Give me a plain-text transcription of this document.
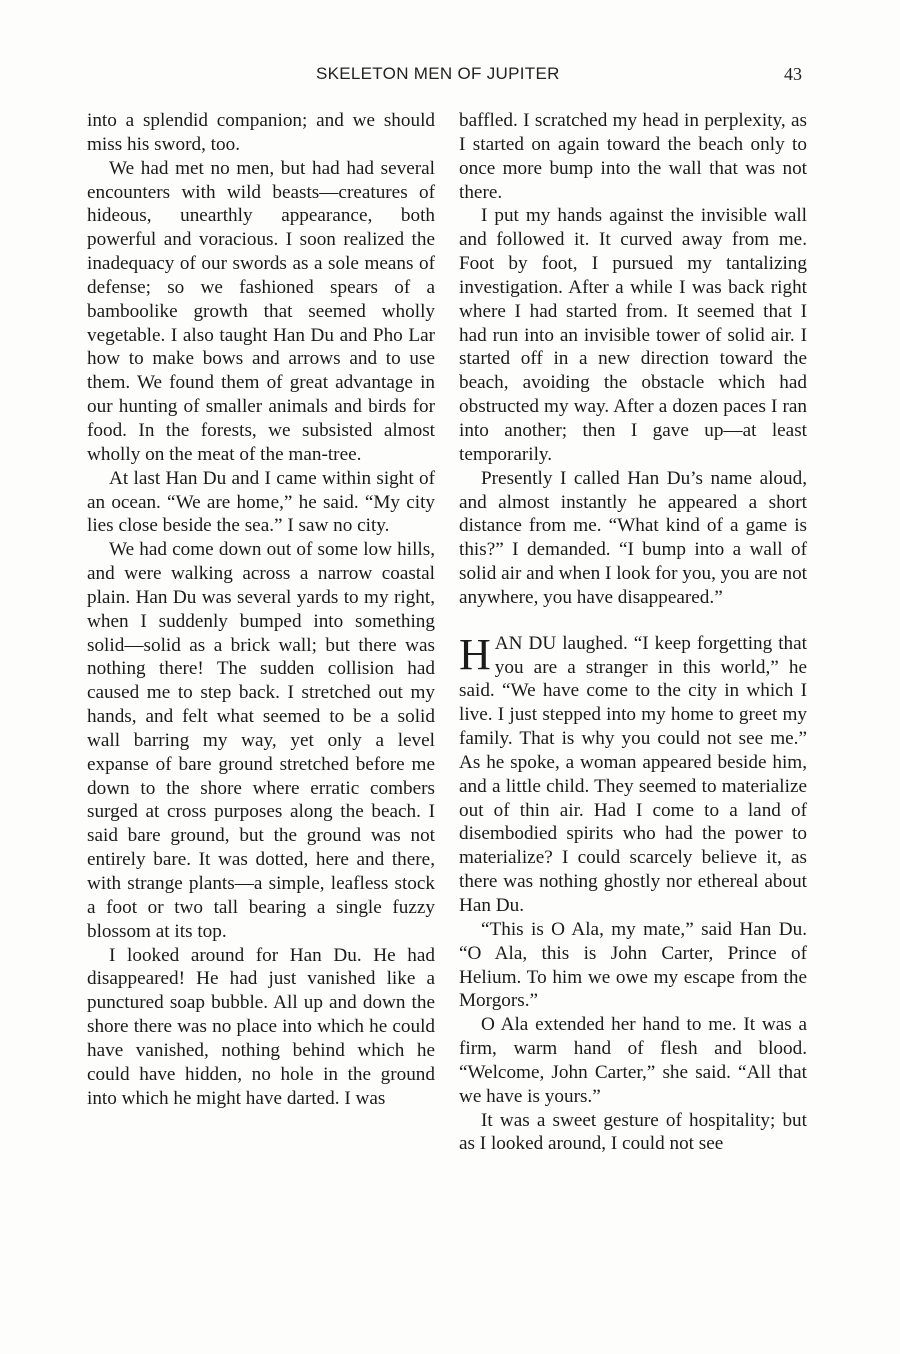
SKELETON MEN OF JUPITER	43

into a splendid companion; and we should miss his sword, too.

We had met no men, but had had several encounters with wild beasts—creatures of hideous, unearthly appearance, both powerful and voracious. I soon realized the inadequacy of our swords as a sole means of defense; so we fashioned spears of a bamboolike growth that seemed wholly vegetable. I also taught Han Du and Pho Lar how to make bows and arrows and to use them. We found them of great advantage in our hunting of smaller animals and birds for food. In the forests, we subsisted almost wholly on the meat of the man-tree.

At last Han Du and I came within sight of an ocean. “We are home,” he said. “My city lies close beside the sea.” I saw no city.

We had come down out of some low hills, and were walking across a narrow coastal plain. Han Du was several yards to my right, when I suddenly bumped into something solid—solid as a brick wall; but there was nothing there! The sudden collision had caused me to step back. I stretched out my hands, and felt what seemed to be a solid wall barring my way, yet only a level expanse of bare ground stretched before me down to the shore where erratic combers surged at cross purposes along the beach. I said bare ground, but the ground was not entirely bare. It was dotted, here and there, with strange plants—a simple, leafless stock a foot or two tall bearing a single fuzzy blossom at its top.

I looked around for Han Du. He had disappeared! He had just vanished like a punctured soap bubble. All up and down the shore there was no place into which he could have vanished, nothing behind which he could have hidden, no hole in the ground into which he might have darted. I was

baffled. I scratched my head in perplexity, as I started on again toward the beach only to once more bump into the wall that was not there.

I put my hands against the invisible wall and followed it. It curved away from me. Foot by foot, I pursued my tantalizing investigation. After a while I was back right where I had started from. It seemed that I had run into an invisible tower of solid air. I started off in a new direction toward the beach, avoiding the obstacle which had obstructed my way. After a dozen paces I ran into another; then I gave up—at least temporarily.

Presently I called Han Du’s name aloud, and almost instantly he appeared a short distance from me. “What kind of a game is this?” I demanded. “I bump into a wall of solid air and when I look for you, you are not anywhere, you have disappeared.”

HAN DU laughed. “I keep forgetting that you are a stranger in this world,” he said. “We have come to the city in which I live. I just stepped into my home to greet my family. That is why you could not see me.” As he spoke, a woman appeared beside him, and a little child. They seemed to materialize out of thin air. Had I come to a land of disembodied spirits who had the power to materialize? I could scarcely believe it, as there was nothing ghostly nor ethereal about Han Du.

“This is O Ala, my mate,” said Han Du. “O Ala, this is John Carter, Prince of Helium. To him we owe my escape from the Morgors.”

O Ala extended her hand to me. It was a firm, warm hand of flesh and blood. “Welcome, John Carter,” she said. “All that we have is yours.”

It was a sweet gesture of hospitality; but as I looked around, I could not see
